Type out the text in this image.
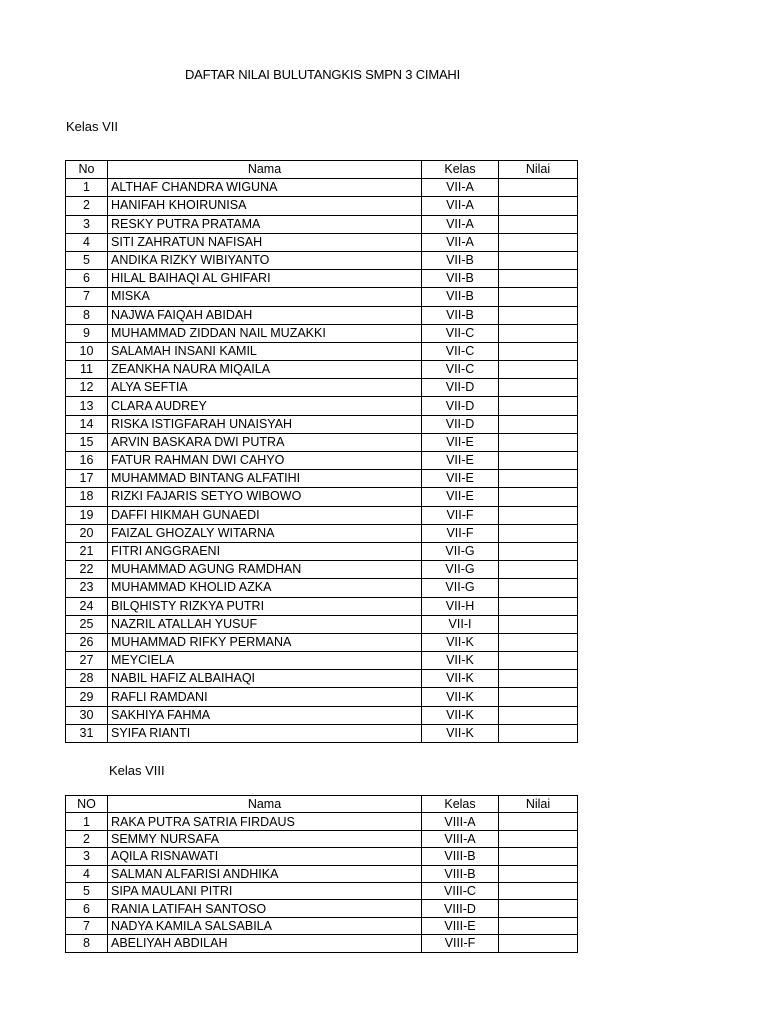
DAFTAR NILAI BULUTANGKIS SMPN 3 CIMAHI
Kelas VII
No	Nama	Kelas	Nilai
1	ALTHAF CHANDRA WIGUNA	VII-A	
2	HANIFAH KHOIRUNISA	VII-A	
3	RESKY PUTRA PRATAMA	VII-A	
4	SITI ZAHRATUN NAFISAH	VII-A	
5	ANDIKA RIZKY WIBIYANTO	VII-B	
6	HILAL BAIHAQI AL GHIFARI	VII-B	
7	MISKA	VII-B	
8	NAJWA FAIQAH ABIDAH	VII-B	
9	MUHAMMAD ZIDDAN NAIL MUZAKKI	VII-C	
10	SALAMAH INSANI KAMIL	VII-C	
11	ZEANKHA NAURA MIQAILA	VII-C	
12	ALYA SEFTIA	VII-D	
13	CLARA AUDREY	VII-D	
14	RISKA ISTIGFARAH UNAISYAH	VII-D	
15	ARVIN BASKARA DWI PUTRA	VII-E	
16	FATUR RAHMAN DWI CAHYO	VII-E	
17	MUHAMMAD BINTANG ALFATIHI	VII-E	
18	RIZKI FAJARIS SETYO WIBOWO	VII-E	
19	DAFFI HIKMAH GUNAEDI	VII-F	
20	FAIZAL GHOZALY WITARNA	VII-F	
21	FITRI ANGGRAENI	VII-G	
22	MUHAMMAD AGUNG RAMDHAN	VII-G	
23	MUHAMMAD KHOLID AZKA	VII-G	
24	BILQHISTY RIZKYA PUTRI	VII-H	
25	NAZRIL ATALLAH YUSUF	VII-I	
26	MUHAMMAD RIFKY PERMANA	VII-K	
27	MEYCIELA	VII-K	
28	NABIL HAFIZ ALBAIHAQI	VII-K	
29	RAFLI RAMDANI	VII-K	
30	SAKHIYA FAHMA	VII-K	
31	SYIFA RIANTI	VII-K	
Kelas VIII
NO	Nama	Kelas	Nilai
1	RAKA PUTRA SATRIA FIRDAUS	VIII-A	
2	SEMMY NURSAFA	VIII-A	
3	AQILA RISNAWATI	VIII-B	
4	SALMAN ALFARISI ANDHIKA	VIII-B	
5	SIPA MAULANI PITRI	VIII-C	
6	RANIA LATIFAH SANTOSO	VIII-D	
7	NADYA KAMILA SALSABILA	VIII-E	
8	ABELIYAH ABDILAH	VIII-F	
